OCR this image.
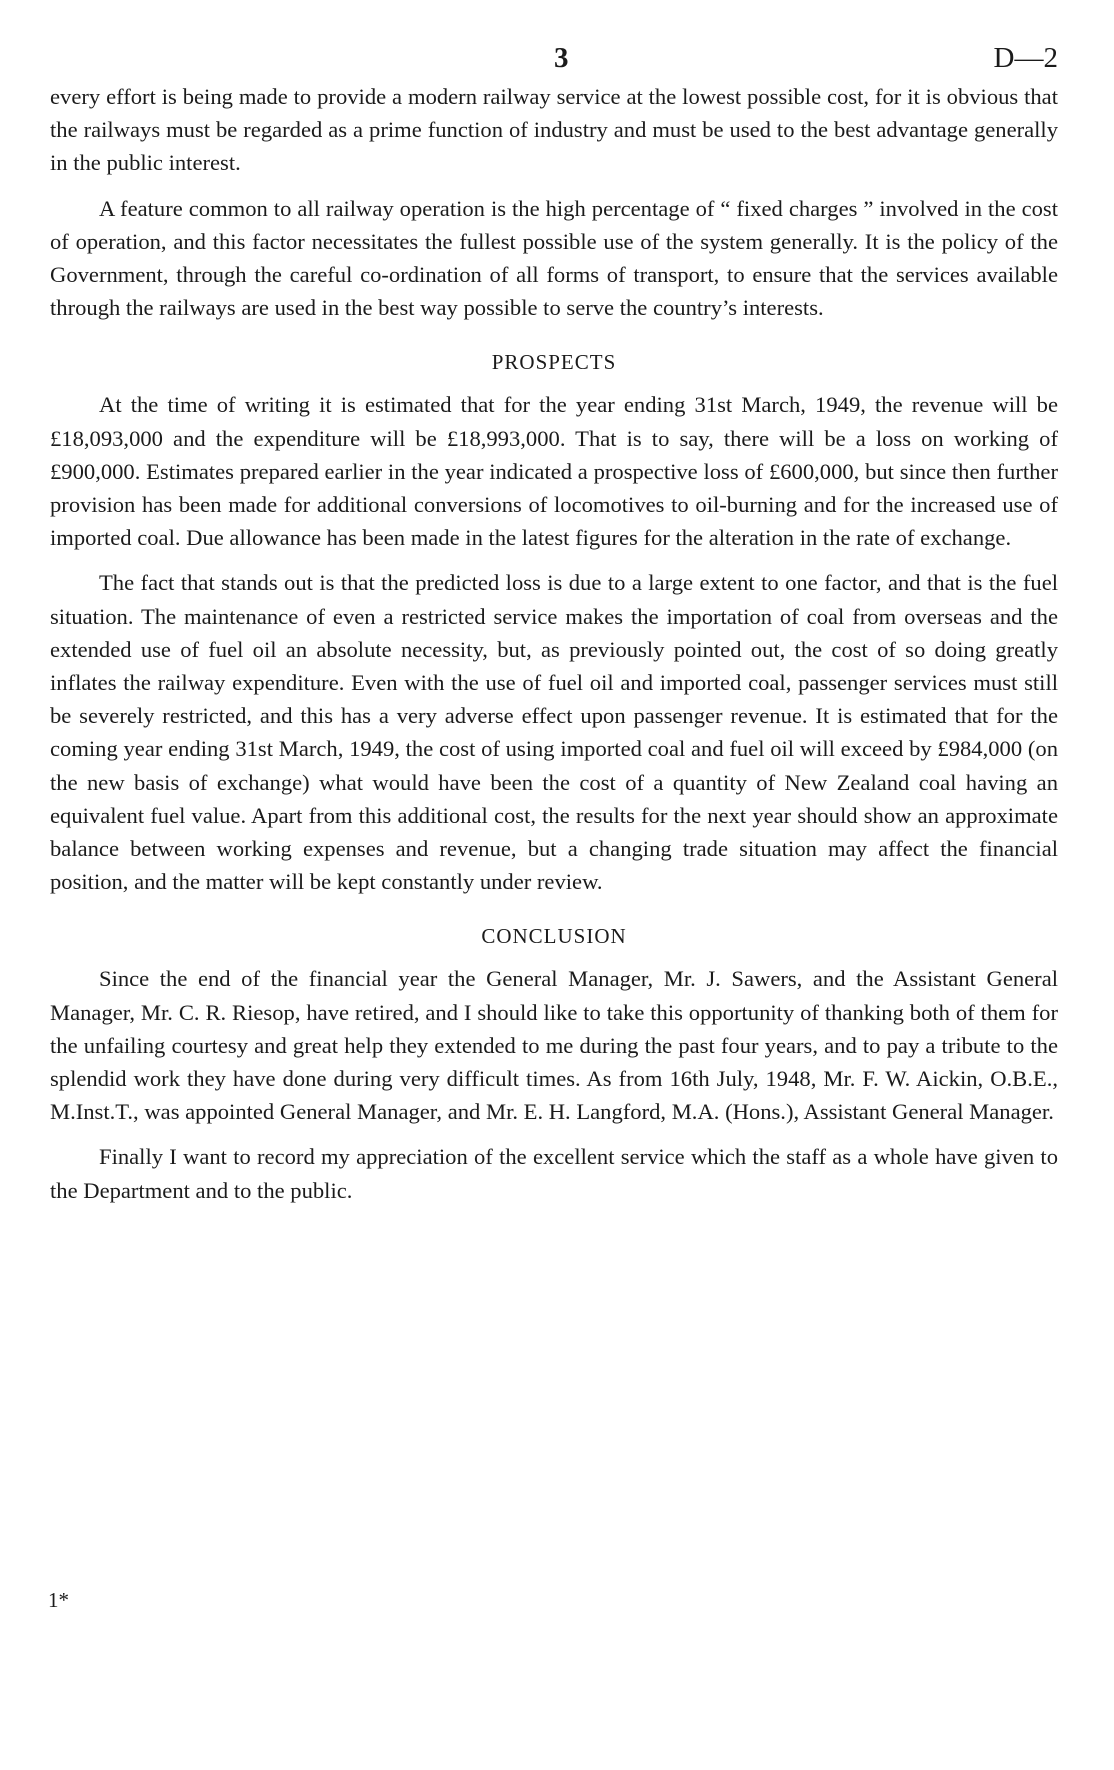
3	D—2

every effort is being made to provide a modern railway service at the lowest possible cost, for it is obvious that the railways must be regarded as a prime function of industry and must be used to the best advantage generally in the public interest.

A feature common to all railway operation is the high percentage of “ fixed charges ” involved in the cost of operation, and this factor necessitates the fullest possible use of the system generally. It is the policy of the Government, through the careful co-ordination of all forms of transport, to ensure that the services available through the railways are used in the best way possible to serve the country’s interests.

PROSPECTS

At the time of writing it is estimated that for the year ending 31st March, 1949, the revenue will be £18,093,000 and the expenditure will be £18,993,000. That is to say, there will be a loss on working of £900,000. Estimates prepared earlier in the year indicated a prospective loss of £600,000, but since then further provision has been made for additional conversions of locomotives to oil-burning and for the increased use of imported coal. Due allowance has been made in the latest figures for the alteration in the rate of exchange.

The fact that stands out is that the predicted loss is due to a large extent to one factor, and that is the fuel situation. The maintenance of even a restricted service makes the importation of coal from overseas and the extended use of fuel oil an absolute necessity, but, as previously pointed out, the cost of so doing greatly inflates the railway expenditure. Even with the use of fuel oil and imported coal, passenger services must still be severely restricted, and this has a very adverse effect upon passenger revenue. It is estimated that for the coming year ending 31st March, 1949, the cost of using imported coal and fuel oil will exceed by £984,000 (on the new basis of exchange) what would have been the cost of a quantity of New Zealand coal having an equivalent fuel value. Apart from this additional cost, the results for the next year should show an approximate balance between working expenses and revenue, but a changing trade situation may affect the financial position, and the matter will be kept constantly under review.

CONCLUSION

Since the end of the financial year the General Manager, Mr. J. Sawers, and the Assistant General Manager, Mr. C. R. Riesop, have retired, and I should like to take this opportunity of thanking both of them for the unfailing courtesy and great help they extended to me during the past four years, and to pay a tribute to the splendid work they have done during very difficult times. As from 16th July, 1948, Mr. F. W. Aickin, O.B.E., M.Inst.T., was appointed General Manager, and Mr. E. H. Langford, M.A. (Hons.), Assistant General Manager.

Finally I want to record my appreciation of the excellent service which the staff as a whole have given to the Department and to the public.

1*
